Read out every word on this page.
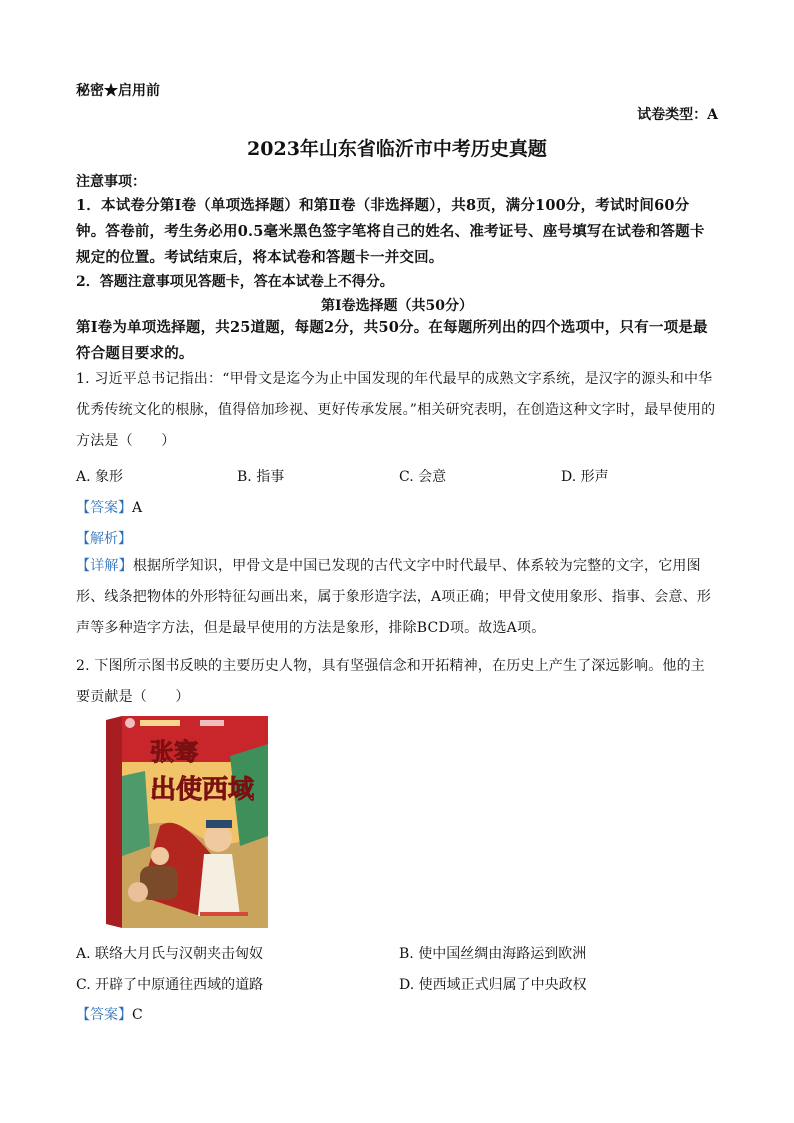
秘密★启用前
试卷类型：A
2023年山东省临沂市中考历史真题
注意事项：
1．本试卷分第Ⅰ卷（单项选择题）和第Ⅱ卷（非选择题），共8页，满分100分，考试时间60分钟。答卷前，考生务必用0.5毫米黑色签字笔将自己的姓名、准考证号、座号填写在试卷和答题卡规定的位置。考试结束后，将本试卷和答题卡一并交回。
2．答题注意事项见答题卡，答在本试卷上不得分。
第Ⅰ卷选择题（共50分）
第Ⅰ卷为单项选择题，共25道题，每题2分，共50分。在每题所列出的四个选项中，只有一项是最符合题目要求的。
1. 习近平总书记指出：“甲骨文是迄今为止中国发现的年代最早的成熟文字系统，是汉字的源头和中华优秀传统文化的根脉，值得倍加珍视、更好传承发展。”相关研究表明，在创造这种文字时，最早使用的方法是（　　）
A. 象形	B. 指事	C. 会意	D. 形声
【答案】A
【解析】
【详解】根据所学知识，甲骨文是中国已发现的古代文字中时代最早、体系较为完整的文字，它用图形、线条把物体的外形特征勾画出来，属于象形造字法，A项正确；甲骨文使用象形、指事、会意、形声等多种造字方法，但是最早使用的方法是象形，排除BCD项。故选A项。
2. 下图所示图书反映的主要历史人物，具有坚强信念和开拓精神，在历史上产生了深远影响。他的主要贡献是（　　）
张骞
出使西域
A. 联络大月氏与汉朝夹击匈奴	B. 使中国丝绸由海路运到欧洲
C. 开辟了中原通往西域的道路	D. 使西域正式归属了中央政权
【答案】C
